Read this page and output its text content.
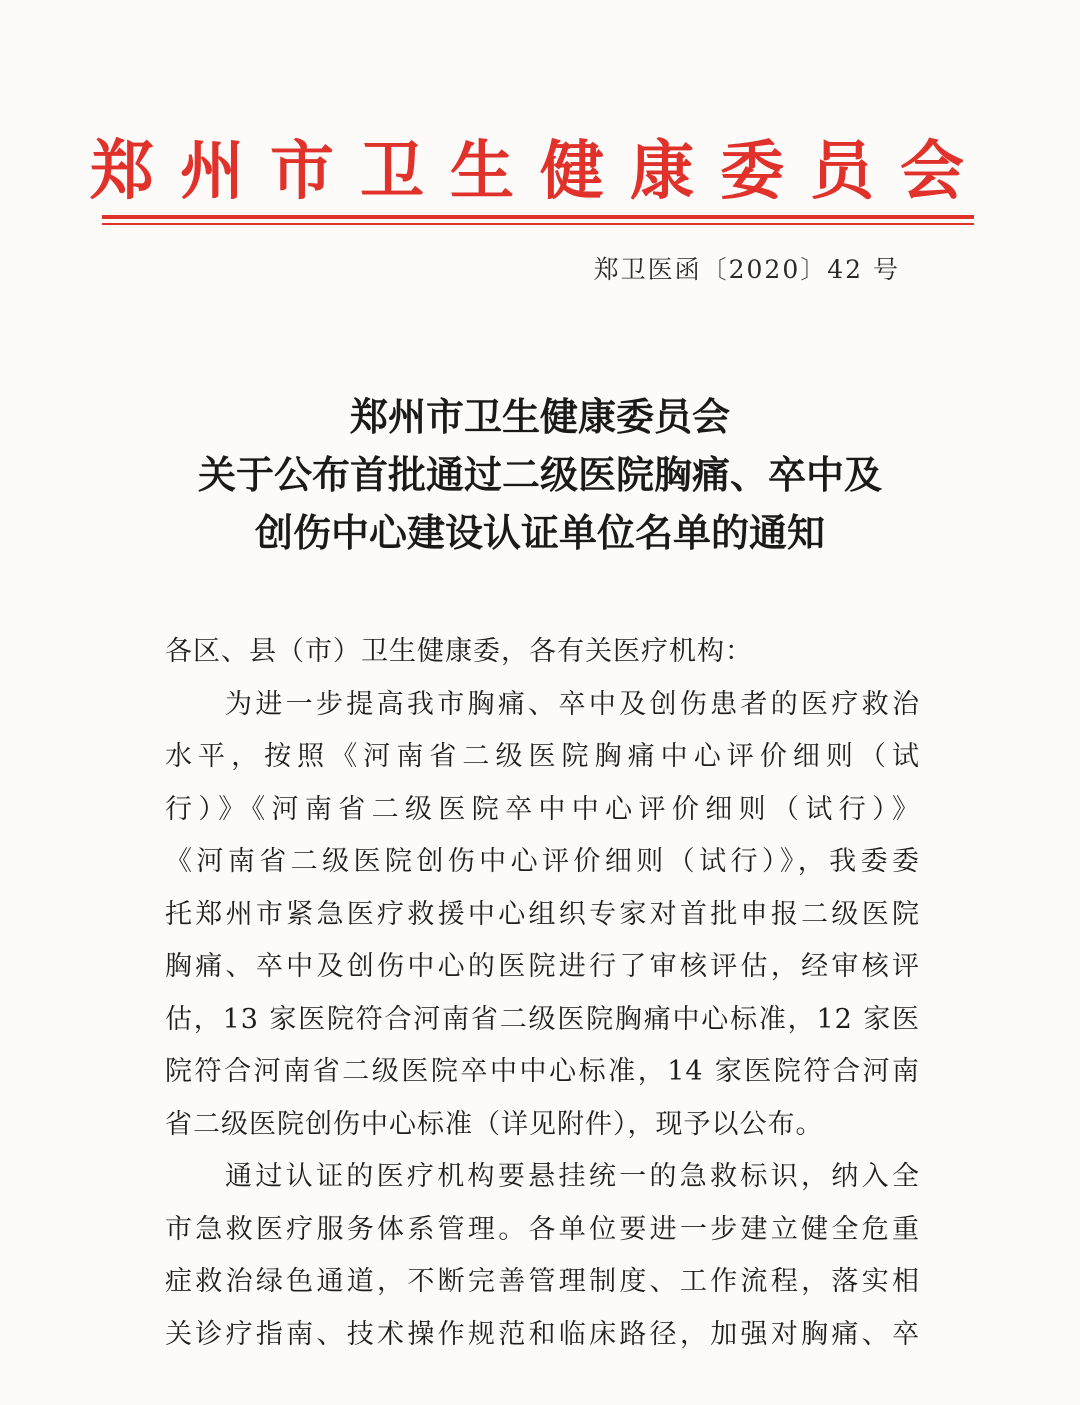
郑州市卫生健康委员会
郑卫医函〔2020〕42 号
郑州市卫生健康委员会
关于公布首批通过二级医院胸痛、卒中及
创伤中心建设认证单位名单的通知
各区、县（市）卫生健康委，各有关医疗机构：
为进一步提高我市胸痛、卒中及创伤患者的医疗救治
水平，按照《河南省二级医院胸痛中心评价细则（试
行）》《河南省二级医院卒中中心评价细则（试行）》
《河南省二级医院创伤中心评价细则（试行）》，我委委
托郑州市紧急医疗救援中心组织专家对首批申报二级医院
胸痛、卒中及创伤中心的医院进行了审核评估，经审核评
估，13 家医院符合河南省二级医院胸痛中心标准，12 家医
院符合河南省二级医院卒中中心标准，14 家医院符合河南
省二级医院创伤中心标准（详见附件），现予以公布。
通过认证的医疗机构要悬挂统一的急救标识，纳入全
市急救医疗服务体系管理。各单位要进一步建立健全危重
症救治绿色通道，不断完善管理制度、工作流程，落实相
关诊疗指南、技术操作规范和临床路径，加强对胸痛、卒
